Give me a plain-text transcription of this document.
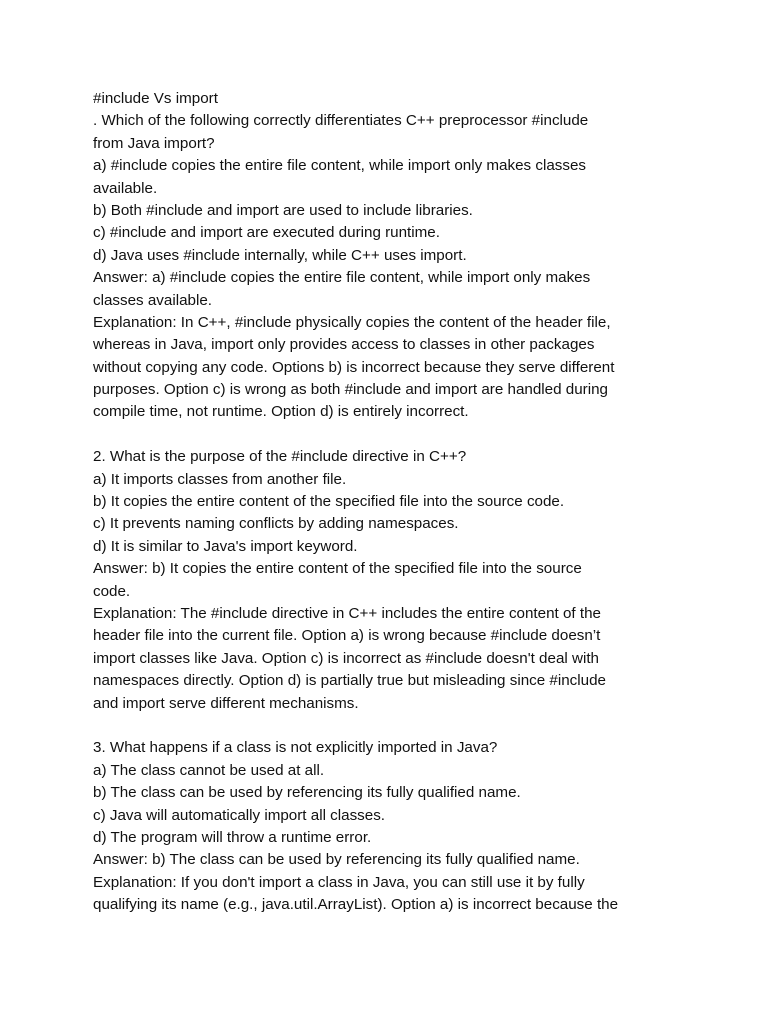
#include Vs import
. Which of the following correctly differentiates C++ preprocessor #include
from Java import?
a) #include copies the entire file content, while import only makes classes
available.
b) Both #include and import are used to include libraries.
c) #include and import are executed during runtime.
d) Java uses #include internally, while C++ uses import.
Answer: a) #include copies the entire file content, while import only makes
classes available.
Explanation: In C++, #include physically copies the content of the header file,
whereas in Java, import only provides access to classes in other packages
without copying any code. Options b) is incorrect because they serve different
purposes. Option c) is wrong as both #include and import are handled during
compile time, not runtime. Option d) is entirely incorrect.
2. What is the purpose of the #include directive in C++?
a) It imports classes from another file.
b) It copies the entire content of the specified file into the source code.
c) It prevents naming conflicts by adding namespaces.
d) It is similar to Java's import keyword.
Answer: b) It copies the entire content of the specified file into the source
code.
Explanation: The #include directive in C++ includes the entire content of the
header file into the current file. Option a) is wrong because #include doesn’t
import classes like Java. Option c) is incorrect as #include doesn't deal with
namespaces directly. Option d) is partially true but misleading since #include
and import serve different mechanisms.
3. What happens if a class is not explicitly imported in Java?
a) The class cannot be used at all.
b) The class can be used by referencing its fully qualified name.
c) Java will automatically import all classes.
d) The program will throw a runtime error.
Answer: b) The class can be used by referencing its fully qualified name.
Explanation: If you don't import a class in Java, you can still use it by fully
qualifying its name (e.g., java.util.ArrayList). Option a) is incorrect because the
